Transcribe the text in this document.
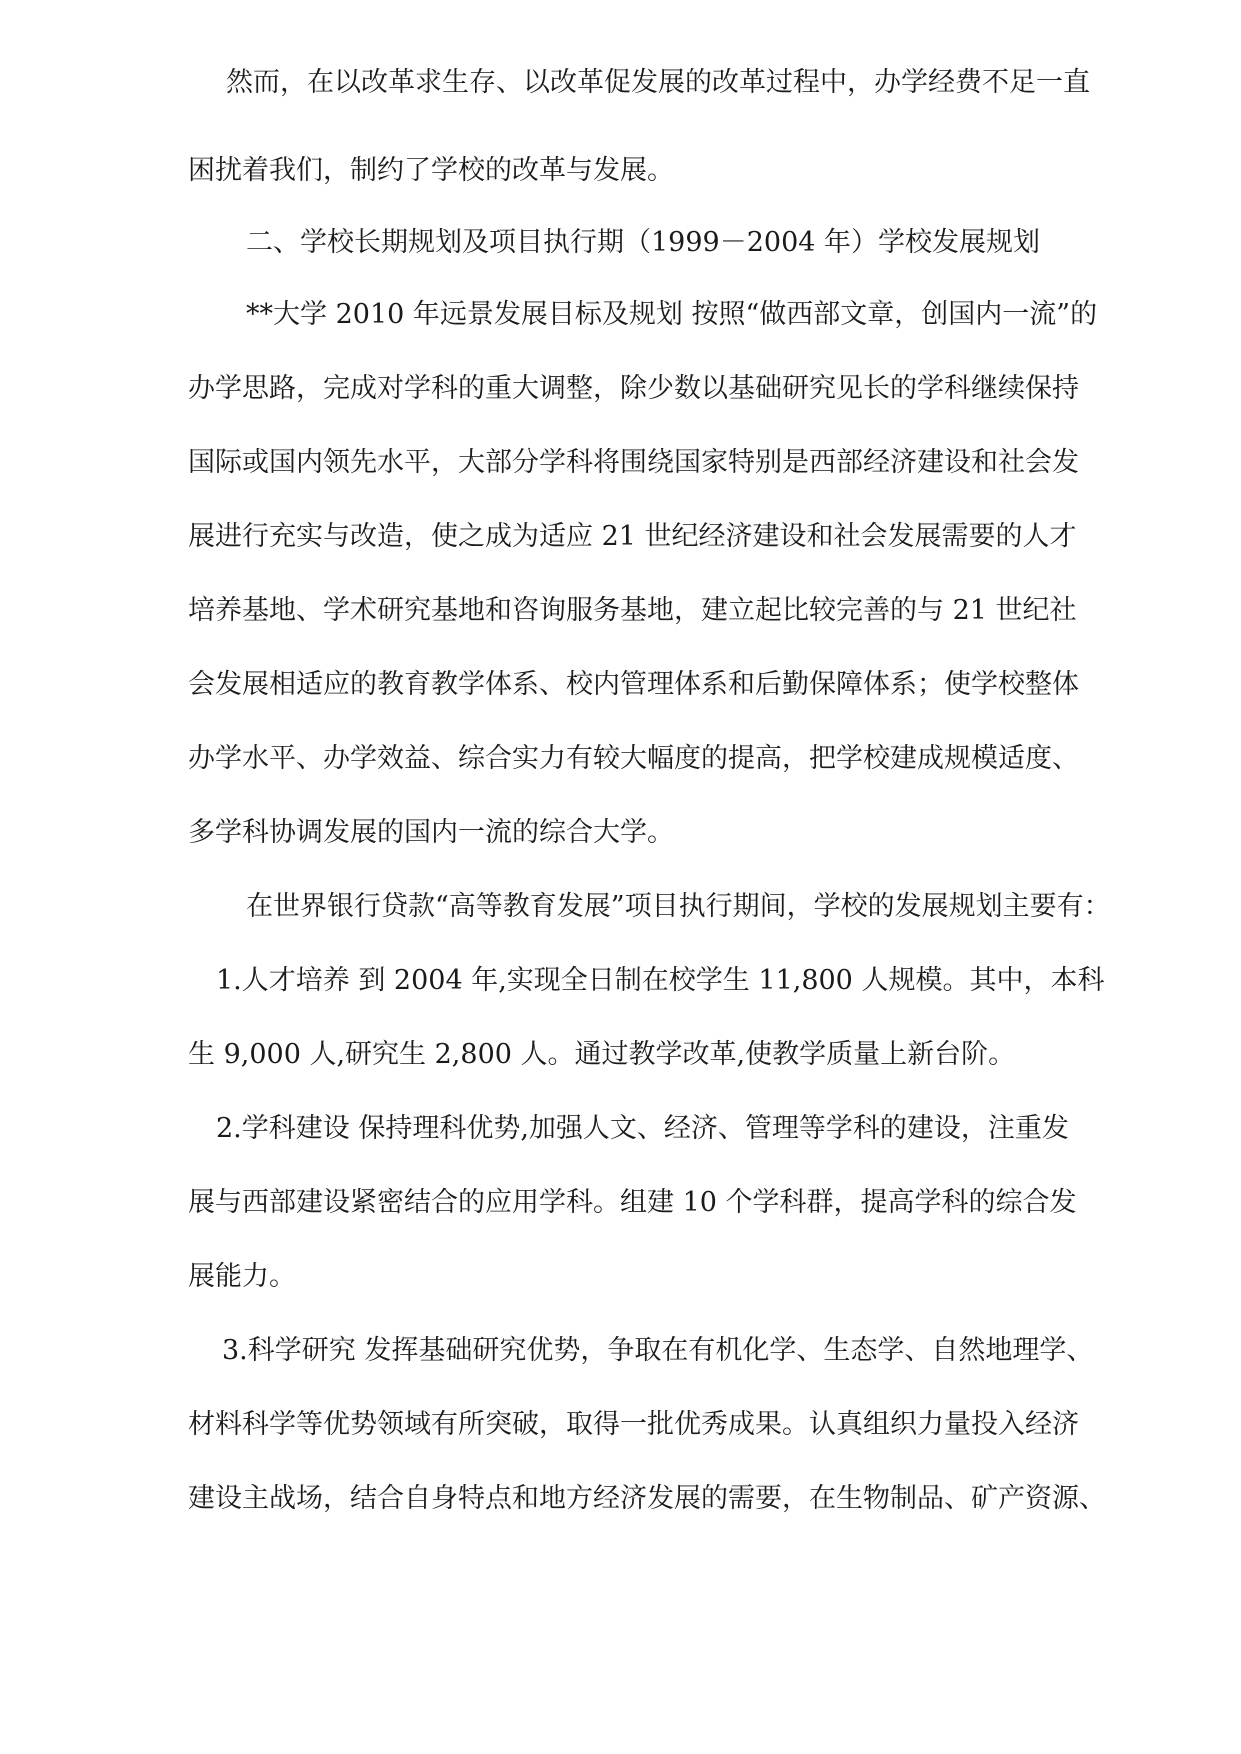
然而，在以改革求生存、以改革促发展的改革过程中，办学经费不足一直
困扰着我们，制约了学校的改革与发展。
二、学校长期规划及项目执行期（1999－2004 年）学校发展规划
**大学 2010 年远景发展目标及规划 按照“做西部文章，创国内一流”的
办学思路，完成对学科的重大调整，除少数以基础研究见长的学科继续保持
国际或国内领先水平，大部分学科将围绕国家特别是西部经济建设和社会发
展进行充实与改造，使之成为适应 21 世纪经济建设和社会发展需要的人才
培养基地、学术研究基地和咨询服务基地，建立起比较完善的与 21 世纪社
会发展相适应的教育教学体系、校内管理体系和后勤保障体系；使学校整体
办学水平、办学效益、综合实力有较大幅度的提高，把学校建成规模适度、
多学科协调发展的国内一流的综合大学。
在世界银行贷款“高等教育发展”项目执行期间，学校的发展规划主要有：
1.人才培养 到 2004 年,实现全日制在校学生 11,800 人规模。其中，本科
生 9,000 人,研究生 2,800 人。通过教学改革,使教学质量上新台阶。
2.学科建设 保持理科优势,加强人文、经济、管理等学科的建设，注重发
展与西部建设紧密结合的应用学科。组建 10 个学科群，提高学科的综合发
展能力。
3.科学研究 发挥基础研究优势，争取在有机化学、生态学、自然地理学、
材料科学等优势领域有所突破，取得一批优秀成果。认真组织力量投入经济
建设主战场，结合自身特点和地方经济发展的需要，在生物制品、矿产资源、
